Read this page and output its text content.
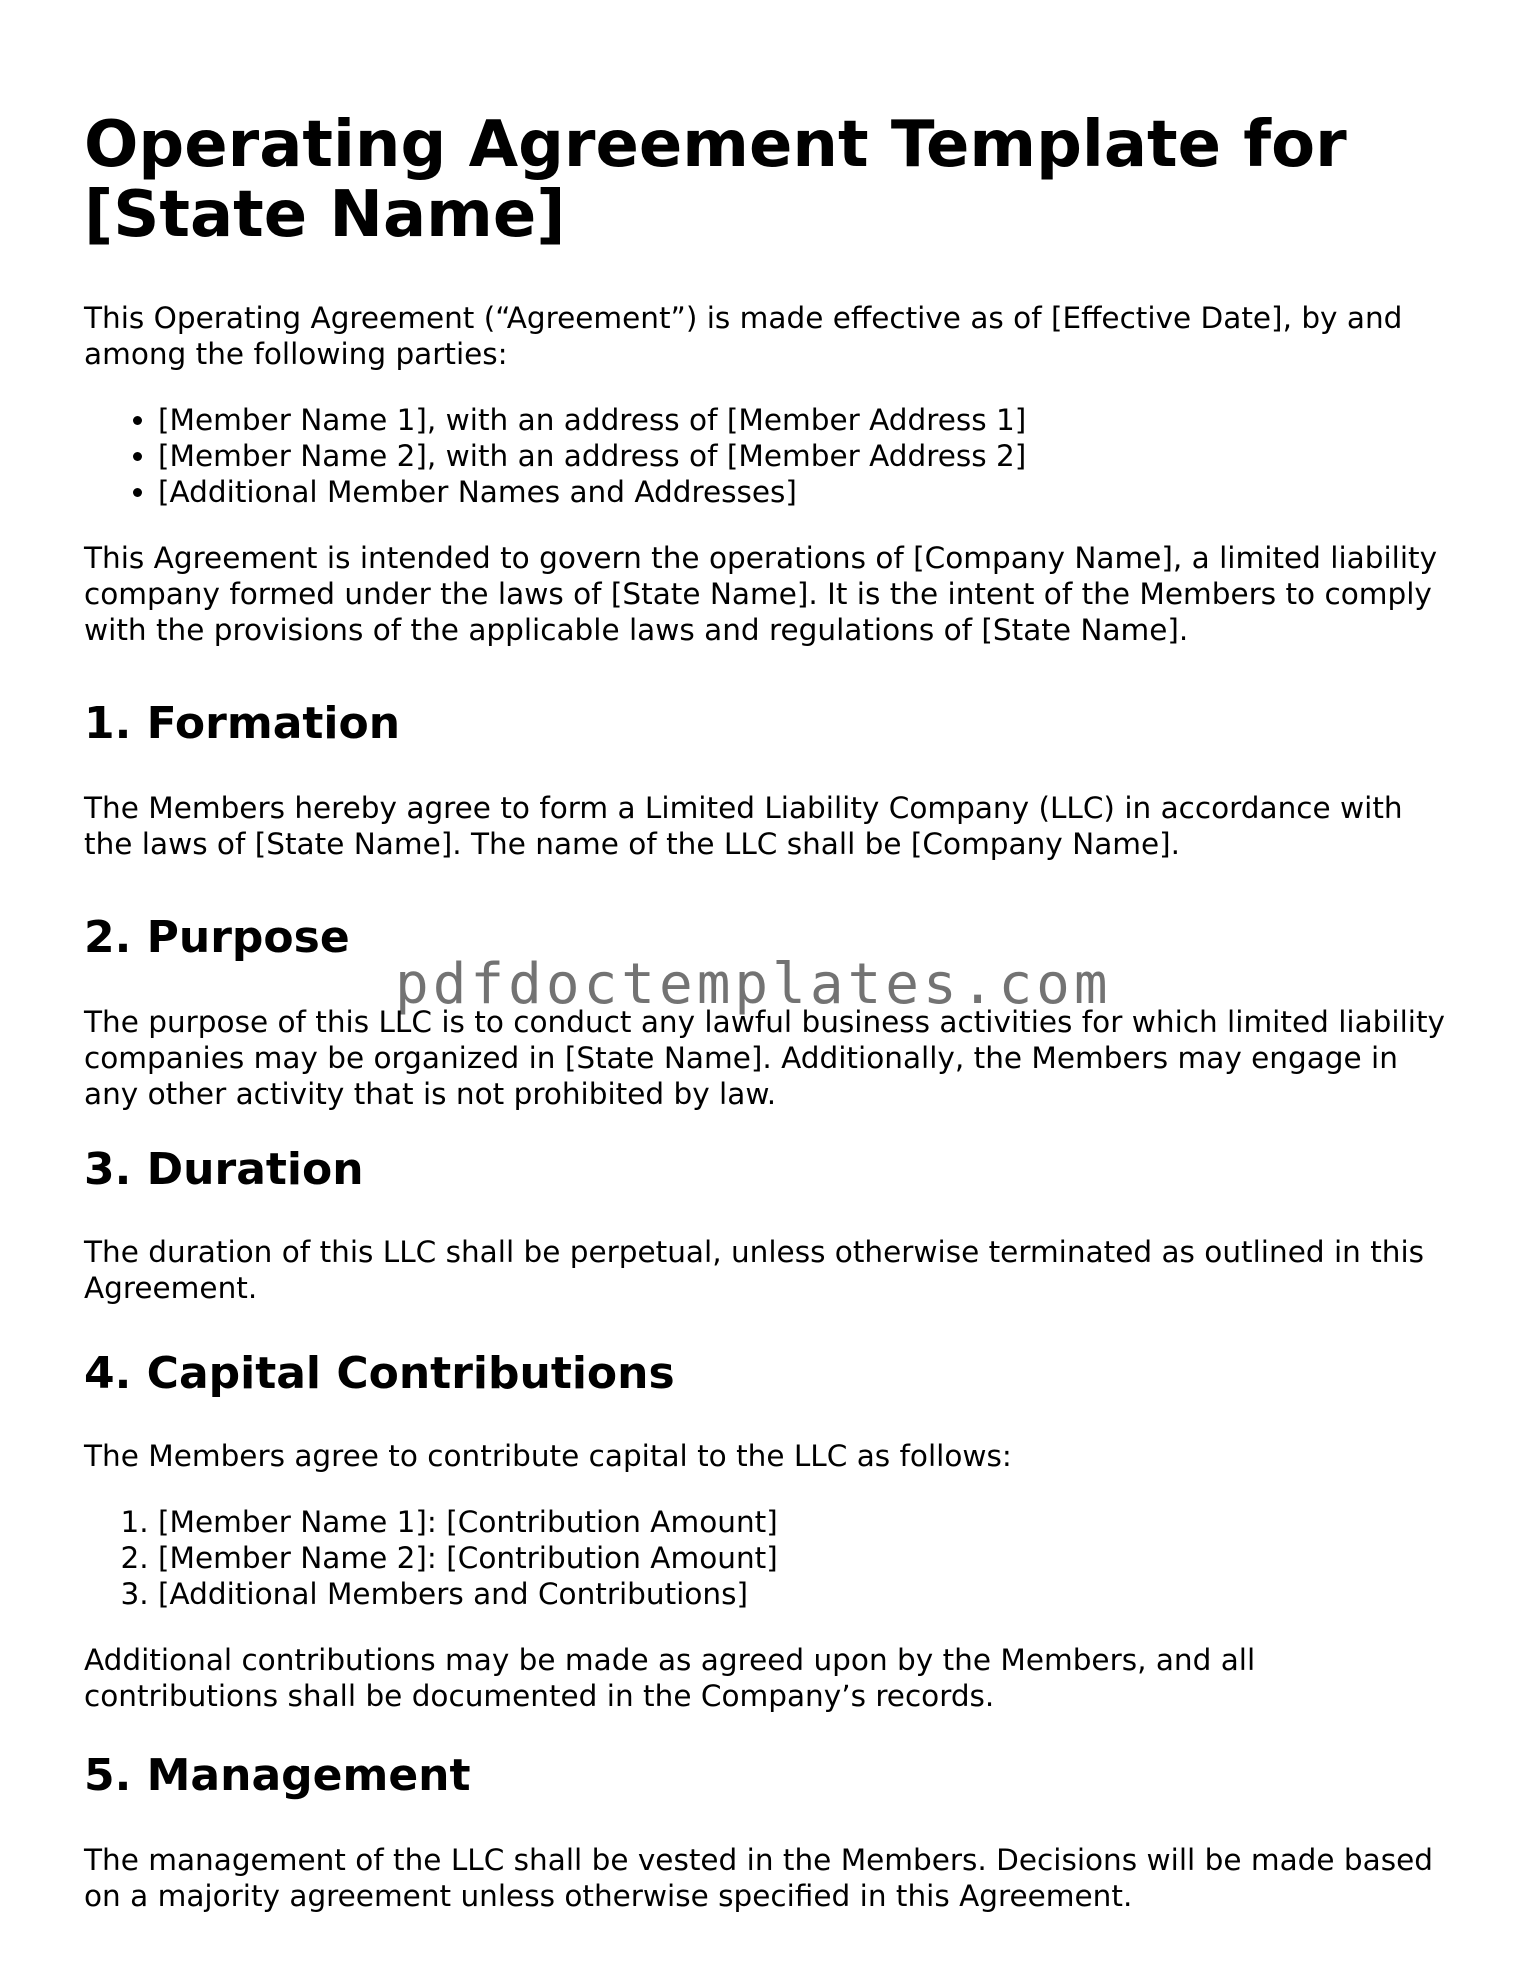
Operating Agreement Template for [State Name]

This Operating Agreement (“Agreement”) is made effective as of [Effective Date], by and among the following parties:

• [Member Name 1], with an address of [Member Address 1]
• [Member Name 2], with an address of [Member Address 2]
• [Additional Member Names and Addresses]

This Agreement is intended to govern the operations of [Company Name], a limited liability company formed under the laws of [State Name]. It is the intent of the Members to comply with the provisions of the applicable laws and regulations of [State Name].

1. Formation

The Members hereby agree to form a Limited Liability Company (LLC) in accordance with the laws of [State Name]. The name of the LLC shall be [Company Name].

2. Purpose

The purpose of this LLC is to conduct any lawful business activities for which limited liability companies may be organized in [State Name]. Additionally, the Members may engage in any other activity that is not prohibited by law.

3. Duration

The duration of this LLC shall be perpetual, unless otherwise terminated as outlined in this Agreement.

4. Capital Contributions

The Members agree to contribute capital to the LLC as follows:

1. [Member Name 1]: [Contribution Amount]
2. [Member Name 2]: [Contribution Amount]
3. [Additional Members and Contributions]

Additional contributions may be made as agreed upon by the Members, and all contributions shall be documented in the Company’s records.

5. Management

The management of the LLC shall be vested in the Members. Decisions will be made based on a majority agreement unless otherwise specified in this Agreement.

pdfdoctemplates.com
